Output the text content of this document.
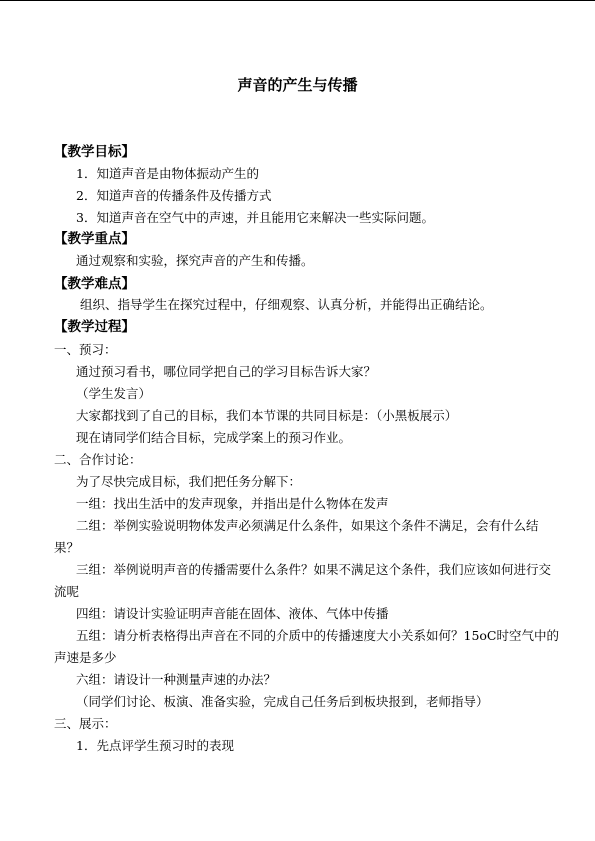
声音的产生与传播
【教学目标】
1．知道声音是由物体振动产生的
2．知道声音的传播条件及传播方式
3．知道声音在空气中的声速，并且能用它来解决一些实际问题。
【教学重点】
通过观察和实验，探究声音的产生和传播。
【教学难点】
组织、指导学生在探究过程中，仔细观察、认真分析，并能得出正确结论。
【教学过程】
一、预习：
通过预习看书，哪位同学把自己的学习目标告诉大家？
（学生发言）
大家都找到了自己的目标，我们本节课的共同目标是：（小黑板展示）
现在请同学们结合目标，完成学案上的预习作业。
二、合作讨论：
为了尽快完成目标，我们把任务分解下：
一组：找出生活中的发声现象，并指出是什么物体在发声
二组：举例实验说明物体发声必须满足什么条件，如果这个条件不满足，会有什么结
果？
三组：举例说明声音的传播需要什么条件？如果不满足这个条件，我们应该如何进行交
流呢
四组：请设计实验证明声音能在固体、液体、气体中传播
五组：请分析表格得出声音在不同的介质中的传播速度大小关系如何？15oC时空气中的
声速是多少
六组：请设计一种测量声速的办法？
（同学们讨论、板演、准备实验，完成自己任务后到板块报到，老师指导）
三、展示：
1．先点评学生预习时的表现
